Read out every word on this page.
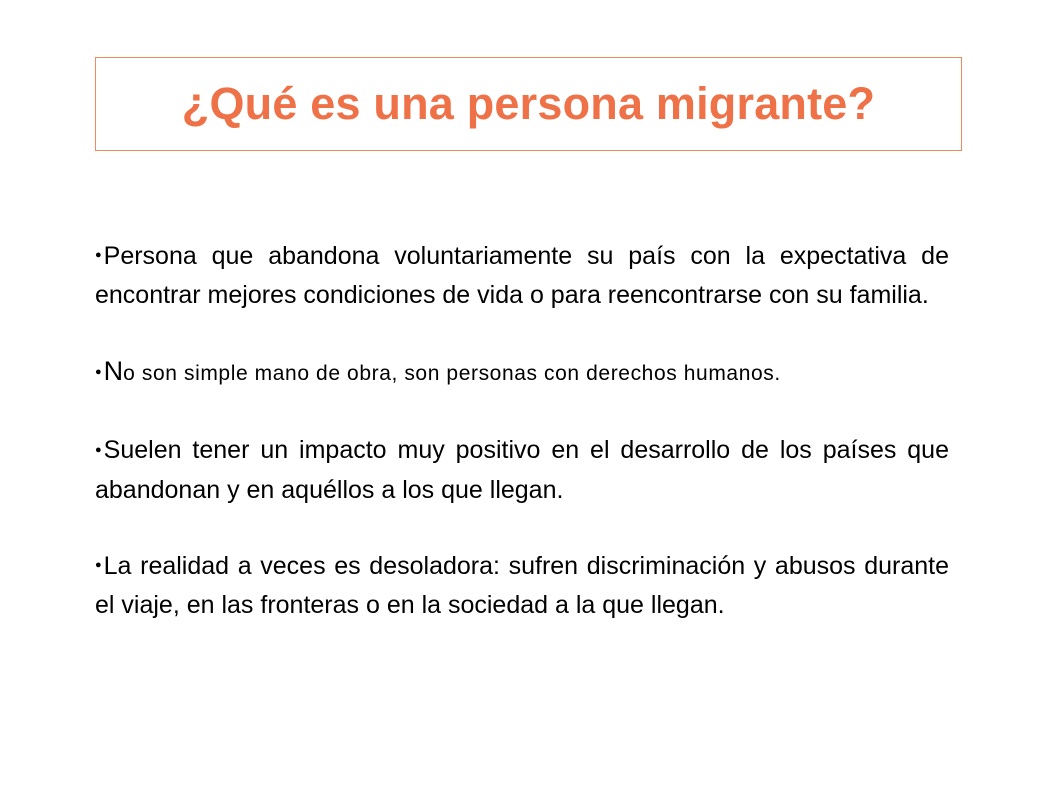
¿Qué es una persona migrante?
●Persona que abandona voluntariamente su país con la expectativa de encontrar mejores condiciones de vida o para reencontrarse con su familia.
●No son simple mano de obra, son personas con derechos humanos.
●Suelen tener un impacto muy positivo en el desarrollo de los países que abandonan y en aquéllos a los que llegan.
●La realidad a veces es desoladora: sufren discriminación y abusos durante el viaje, en las fronteras o en la sociedad a la que llegan.
